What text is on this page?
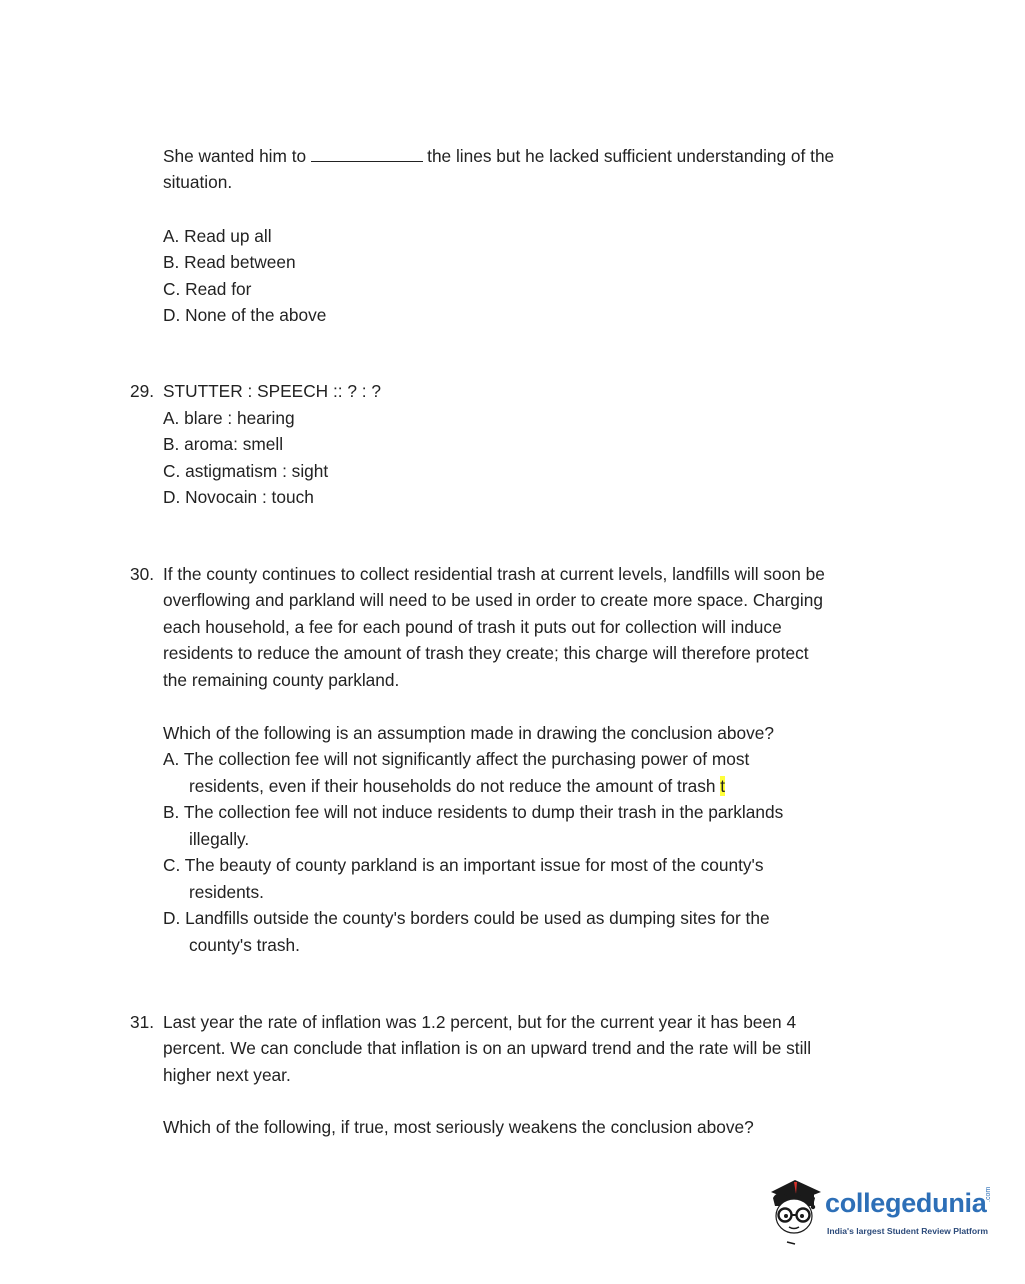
She wanted him to	the lines but he lacked sufficient understanding of the
situation.
A. Read up all
B. Read between
C. Read for
D. None of the above
29. STUTTER : SPEECH :: ? : ?
A. blare : hearing
B. aroma: smell
C. astigmatism : sight
D. Novocain : touch
30. If the county continues to collect residential trash at current levels, landfills will soon be
overflowing and parkland will need to be used in order to create more space. Charging
each household, a fee for each pound of trash it puts out for collection will induce
residents to reduce the amount of trash they create; this charge will therefore protect
the remaining county parkland.
Which of the following is an assumption made in drawing the conclusion above?
A. The collection fee will not significantly affect the purchasing power of most
residents, even if their households do not reduce the amount of trash t
B. The collection fee will not induce residents to dump their trash in the parklands
illegally.
C. The beauty of county parkland is an important issue for most of the county's
residents.
D. Landfills outside the county's borders could be used as dumping sites for the
county's trash.
31. Last year the rate of inflation was 1.2 percent, but for the current year it has been 4
percent. We can conclude that inflation is on an upward trend and the rate will be still
higher next year.
Which of the following, if true, most seriously weakens the conclusion above?
collegedunia
.com
India's largest Student Review Platform
